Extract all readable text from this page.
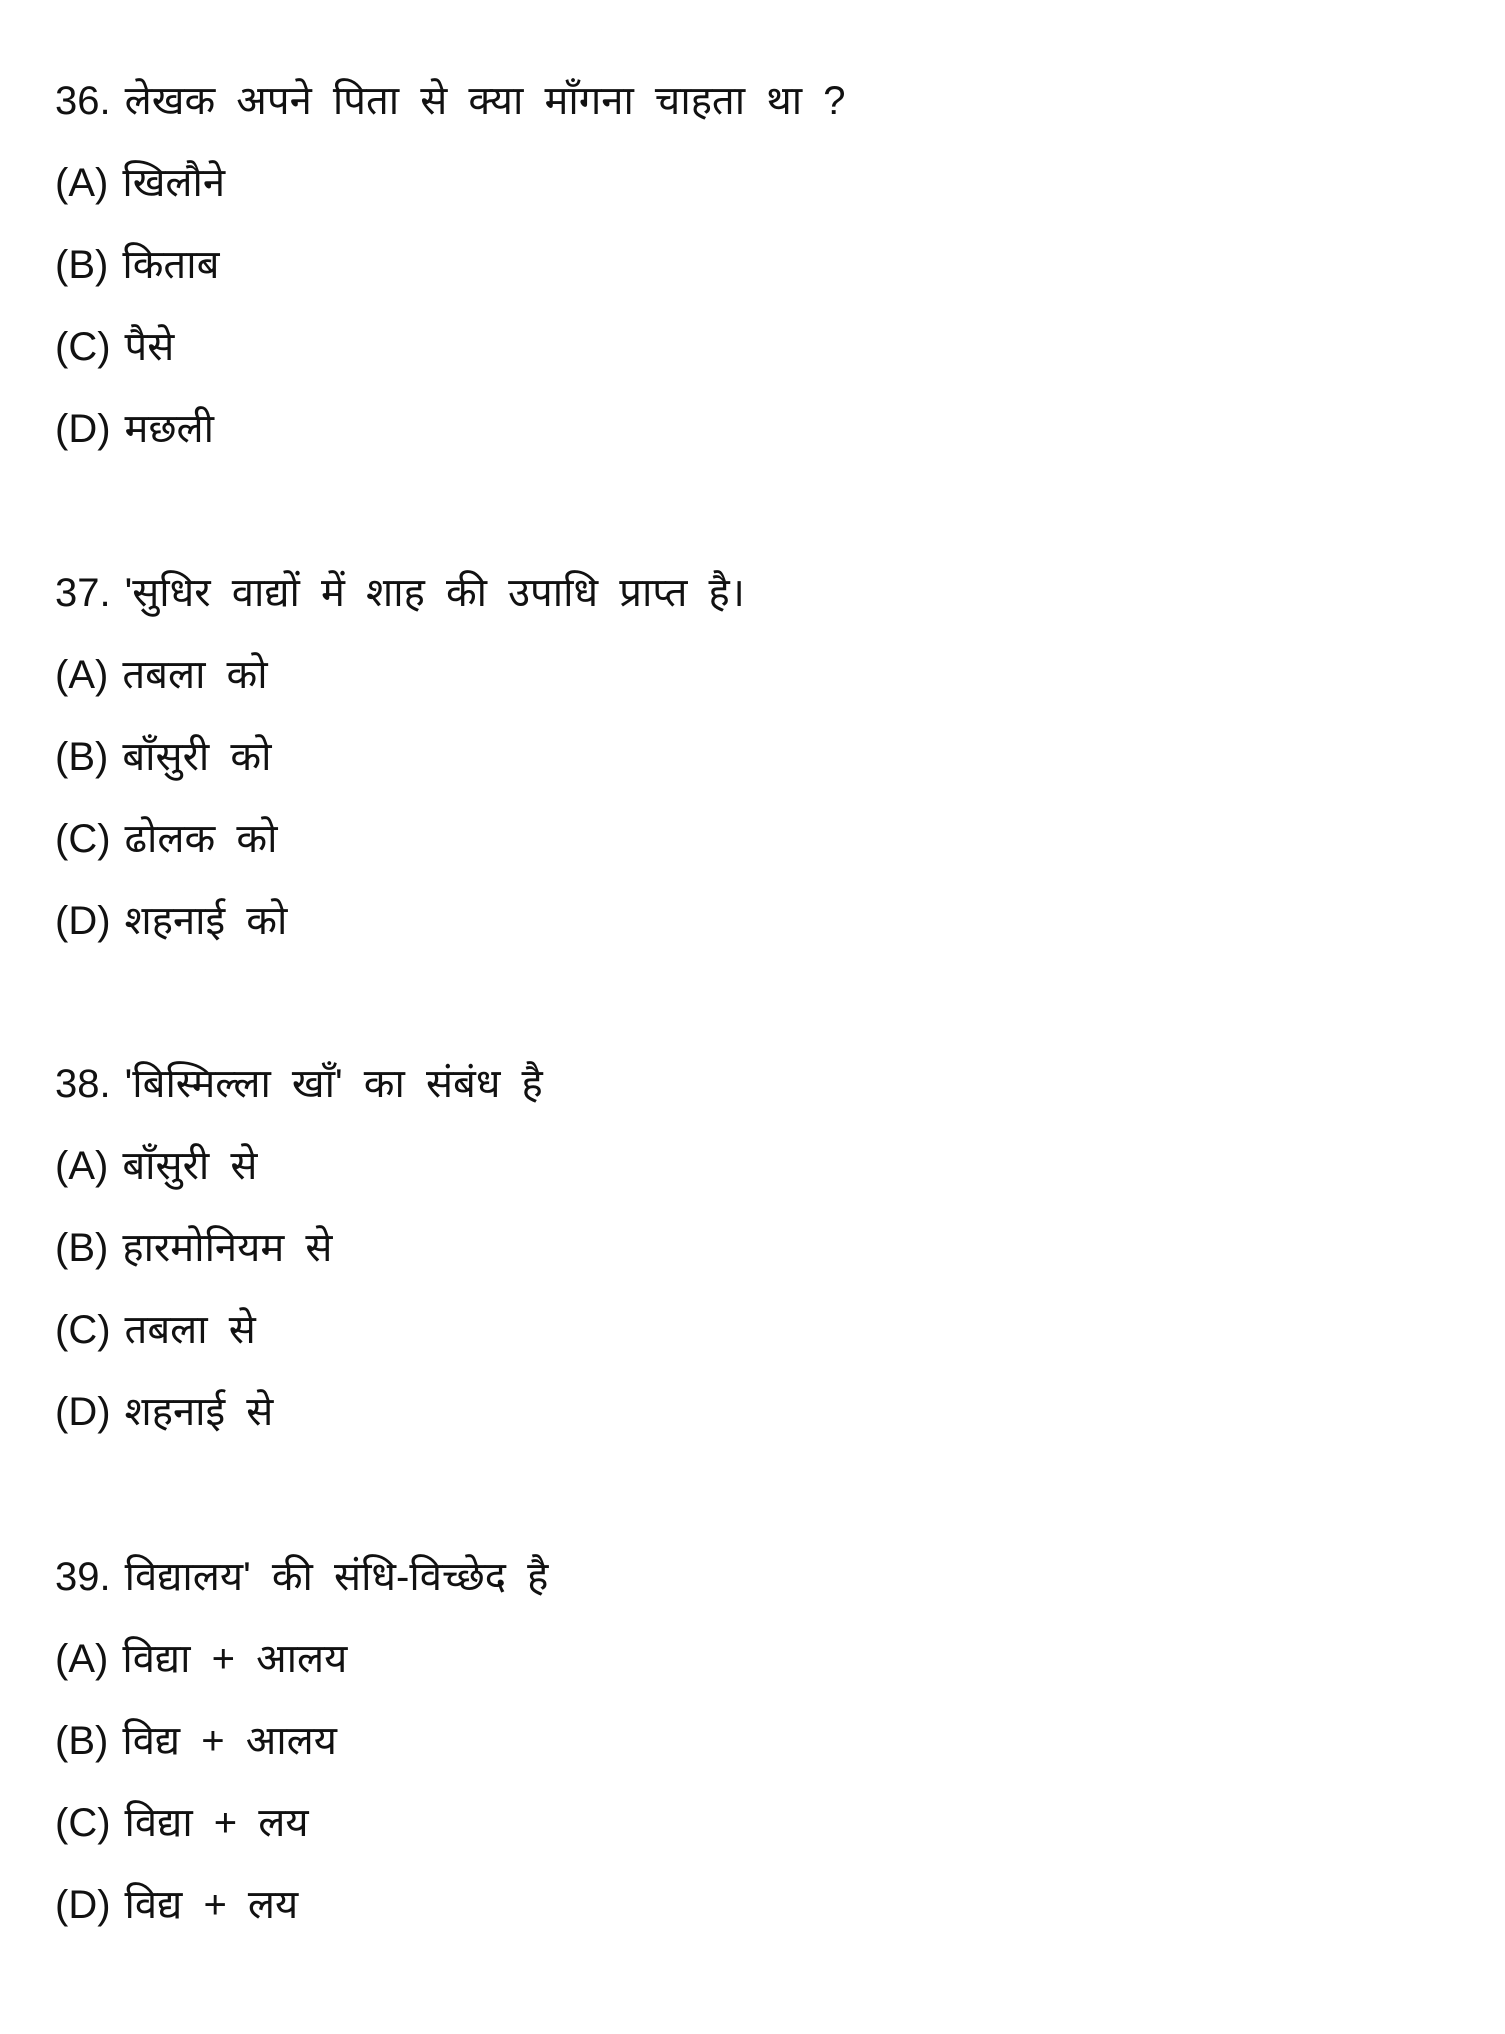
36. लेखक अपने पिता से क्या माँगना चाहता था ?
(A) खिलौने
(B) किताब
(C) पैसे
(D) मछली
37. 'सुधिर वाद्यों में शाह की उपाधि प्राप्त है।
(A) तबला को
(B) बाँसुरी को
(C) ढोलक को
(D) शहनाई को
38. 'बिस्मिल्ला खाँ' का संबंध है
(A) बाँसुरी से
(B) हारमोनियम से
(C) तबला से
(D) शहनाई से
39. विद्यालय' की संधि-विच्छेद है
(A) विद्या + आलय
(B) विद्य + आलय
(C) विद्या + लय
(D) विद्य + लय
